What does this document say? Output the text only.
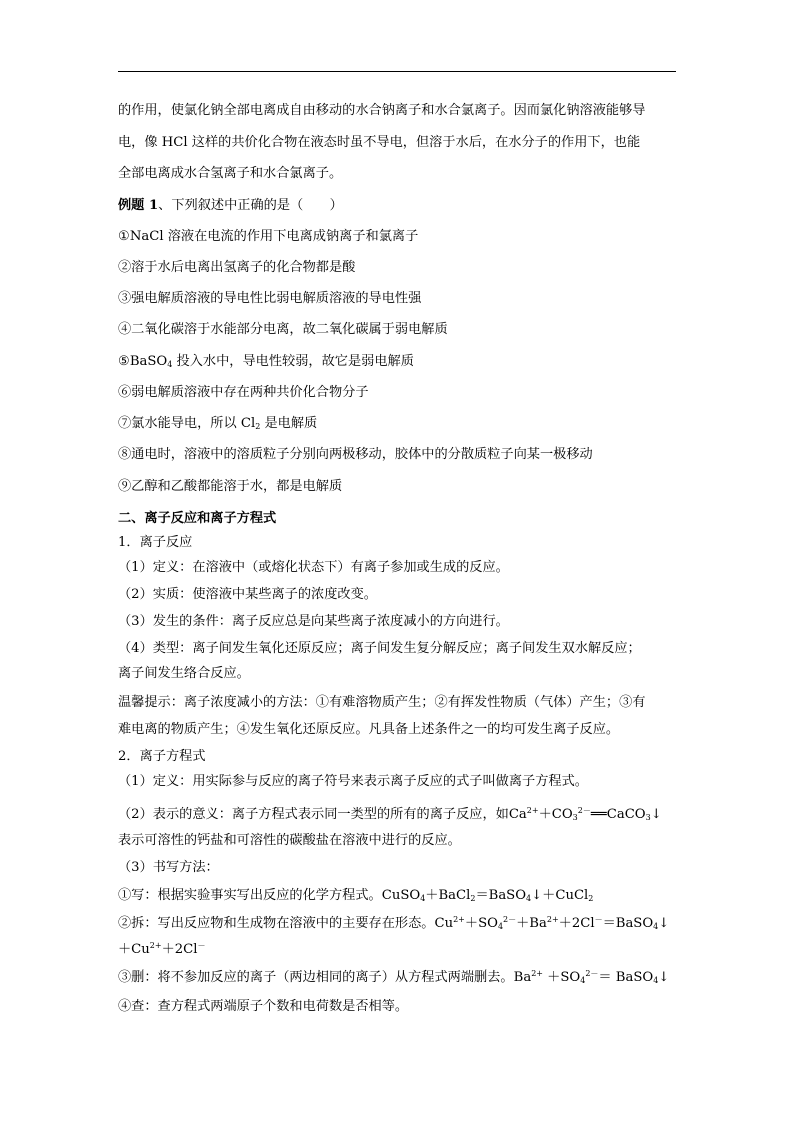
的作用，使氯化钠全部电离成自由移动的水合钠离子和水合氯离子。因而氯化钠溶液能够导
电，像 HCl 这样的共价化合物在液态时虽不导电，但溶于水后，在水分子的作用下，也能
全部电离成水合氢离子和水合氯离子。
例题 1、下列叙述中正确的是（　　）
①NaCl 溶液在电流的作用下电离成钠离子和氯离子
②溶于水后电离出氢离子的化合物都是酸
③强电解质溶液的导电性比弱电解质溶液的导电性强
④二氧化碳溶于水能部分电离，故二氧化碳属于弱电解质
⑤BaSO$_4$ 投入水中，导电性较弱，故它是弱电解质
⑥弱电解质溶液中存在两种共价化合物分子
⑦氯水能导电，所以 $Cl_2$ 是电解质
⑧通电时，溶液中的溶质粒子分别向两极移动，胶体中的分散质粒子向某一极移动
⑨乙醇和乙酸都能溶于水，都是电解质
二、离子反应和离子方程式
1．离子反应
（1）定义：在溶液中（或熔化状态下）有离子参加或生成的反应。
（2）实质：使溶液中某些离子的浓度改变。
（3）发生的条件：离子反应总是向某些离子浓度减小的方向进行。
（4）类型：离子间发生氧化还原反应；离子间发生复分解反应；离子间发生双水解反应；
离子间发生络合反应。
温馨提示：离子浓度减小的方法：①有难溶物质产生；②有挥发性物质（气体）产生；③有
难电离的物质产生；④发生氧化还原反应。凡具备上述条件之一的均可发生离子反应。
2．离子方程式
（1）定义：用实际参与反应的离子符号来表示离子反应的式子叫做离子方程式。
（2）表示的意义：离子方程式表示同一类型的所有的离子反应，如$Ca^{2+}+CO_3^{2-}══CaCO_3↓$
表示可溶性的钙盐和可溶性的碳酸盐在溶液中进行的反应。
（3）书写方法：
①写：根据实验事实写出反应的化学方程式。CuSO$_4$＋BaCl$_2$＝BaSO$_4$↓＋CuCl$_2$
②拆：写出反应物和生成物在溶液中的主要存在形态。$Cu^{2+}+SO_4^{2-}+Ba^{2+}+2Cl^-=BaSO_4↓$
$+Cu^{2+}+2Cl^-$
③删：将不参加反应的离子（两边相同的离子）从方程式两端删去。$Ba^{2+} +SO_4^{2-}=$ BaSO$_4$↓
④查：查方程式两端原子个数和电荷数是否相等。
